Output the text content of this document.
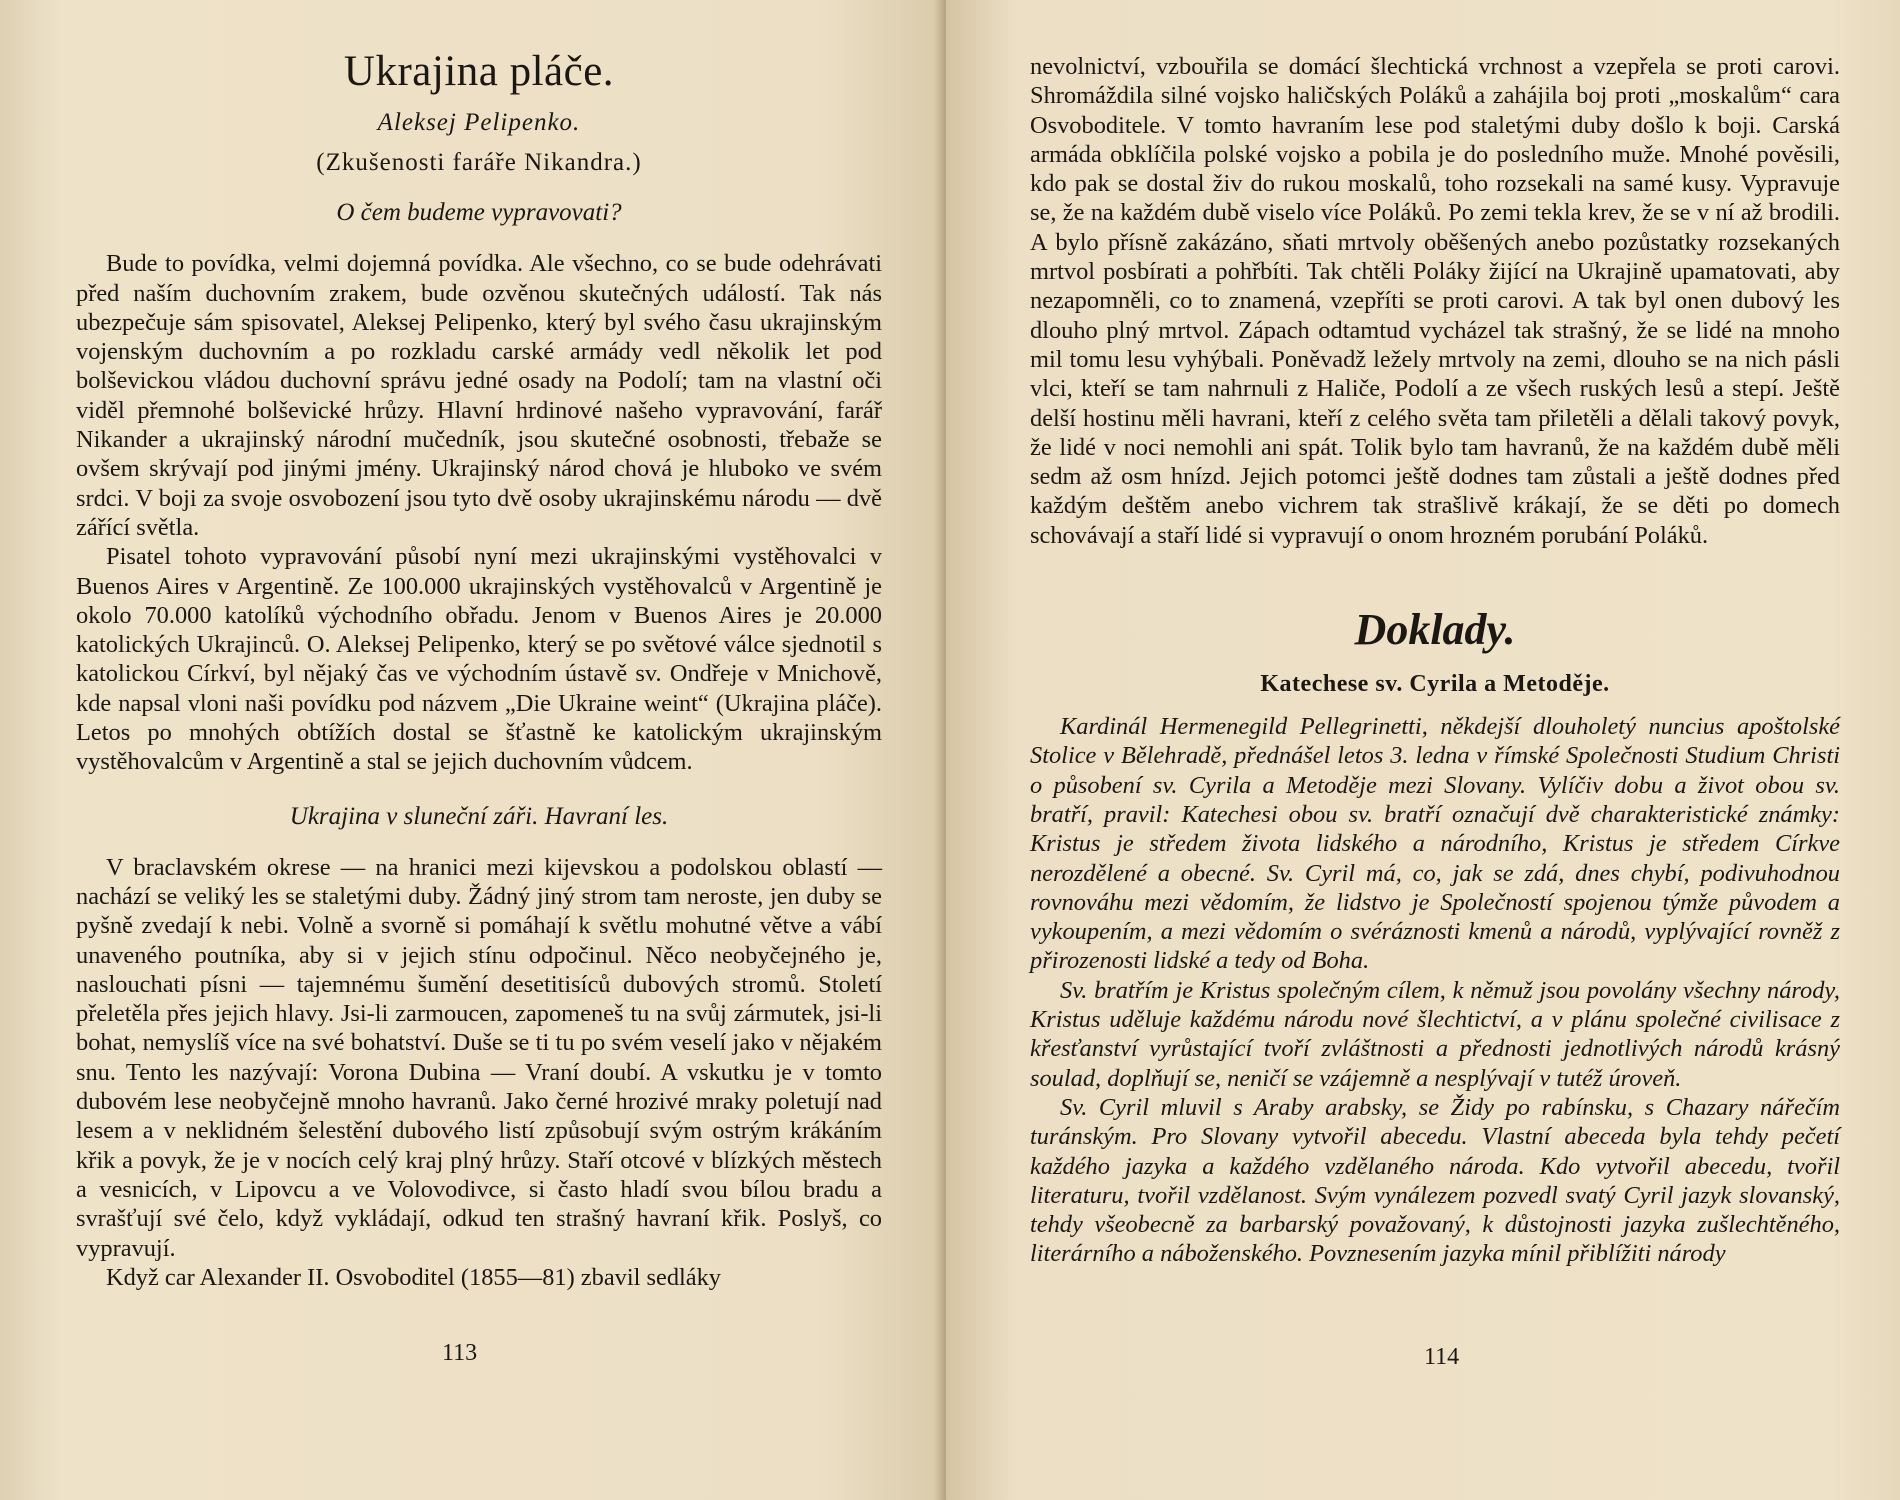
Ukrajina pláče.
Aleksej Pelipenko.
(Zkušenosti faráře Nikandra.)
O čem budeme vypravovati?

Bude to povídka, velmi dojemná povídka. Ale všechno, co se bude odehrávati před naším duchovním zrakem, bude ozvěnou skutečných událostí. Tak nás ubezpečuje sám spisovatel, Aleksej Pelipenko, který byl svého času ukrajinským vojenským duchovním a po rozkladu carské armády vedl několik let pod bolševickou vládou duchovní správu jedné osady na Podolí; tam na vlastní oči viděl přemnohé bolševické hrůzy. Hlavní hrdinové našeho vypravování, farář Nikander a ukrajinský národní mučedník, jsou skutečné osobnosti, třebaže se ovšem skrývají pod jinými jmény. Ukrajinský národ chová je hluboko ve svém srdci. V boji za svoje osvobození jsou tyto dvě osoby ukrajinskému národu — dvě zářící světla.

Pisatel tohoto vypravování působí nyní mezi ukrajinskými vystěhovalci v Buenos Aires v Argentině. Ze 100.000 ukrajinských vystěhovalců v Argentině je okolo 70.000 katolíků východního obřadu. Jenom v Buenos Aires je 20.000 katolických Ukrajinců. O. Aleksej Pelipenko, který se po světové válce sjednotil s katolickou Církví, byl nějaký čas ve východním ústavě sv. Ondřeje v Mnichově, kde napsal vloni naši povídku pod názvem „Die Ukraine weint“ (Ukrajina pláče). Letos po mnohých obtížích dostal se šťastně ke katolickým ukrajinským vystěhovalcům v Argentině a stal se jejich duchovním vůdcem.

Ukrajina v sluneční záři. Havraní les.

V braclavském okrese — na hranici mezi kijevskou a podolskou oblastí — nachází se veliký les se staletými duby. Žádný jiný strom tam neroste, jen duby se pyšně zvedají k nebi. Volně a svorně si pomáhají k světlu mohutné větve a vábí unaveného poutníka, aby si v jejich stínu odpočinul. Něco neobyčejného je, naslouchati písni — tajemnému šumění desetitisíců dubových stromů. Století přeletěla přes jejich hlavy. Jsi-li zarmoucen, zapomeneš tu na svůj zármutek, jsi-li bohat, nemyslíš více na své bohatství. Duše se ti tu po svém veselí jako v nějakém snu. Tento les nazývají: Vorona Dubina — Vraní doubí. A vskutku je v tomto dubovém lese neobyčejně mnoho havranů. Jako černé hrozivé mraky poletují nad lesem a v neklidném šelestění dubového listí způsobují svým ostrým krákáním křik a povyk, že je v nocích celý kraj plný hrůzy. Staří otcové v blízkých městech a vesnicích, v Lipovcu a ve Volovodivce, si často hladí svou bílou bradu a svrašťují své čelo, když vykládají, odkud ten strašný havraní křik. Poslyš, co vypravují.

Když car Alexander II. Osvoboditel (1855—81) zbavil sedláky

113

nevolnictví, vzbouřila se domácí šlechtická vrchnost a vzepřela se proti carovi. Shromáždila silné vojsko haličských Poláků a zahájila boj proti „moskalům“ cara Osvoboditele. V tomto havraním lese pod staletými duby došlo k boji. Carská armáda obklíčila polské vojsko a pobila je do posledního muže. Mnohé pověsili, kdo pak se dostal živ do rukou moskalů, toho rozsekali na samé kusy. Vypravuje se, že na každém dubě viselo více Poláků. Po zemi tekla krev, že se v ní až brodili. A bylo přísně zakázáno, sňati mrtvoly oběšených anebo pozůstatky rozsekaných mrtvol posbírati a pohřbíti. Tak chtěli Poláky žijící na Ukrajině upamatovati, aby nezapomněli, co to znamená, vzepříti se proti carovi. A tak byl onen dubový les dlouho plný mrtvol. Zápach odtamtud vycházel tak strašný, že se lidé na mnoho mil tomu lesu vyhýbali. Poněvadž ležely mrtvoly na zemi, dlouho se na nich pásli vlci, kteří se tam nahrnuli z Haliče, Podolí a ze všech ruských lesů a stepí. Ještě delší hostinu měli havrani, kteří z celého světa tam přiletěli a dělali takový povyk, že lidé v noci nemohli ani spát. Tolik bylo tam havranů, že na každém dubě měli sedm až osm hnízd. Jejich potomci ještě dodnes tam zůstali a ještě dodnes před každým deštěm anebo vichrem tak strašlivě krákají, že se děti po domech schovávají a staří lidé si vypravují o onom hrozném porubání Poláků.

Doklady.
Katechese sv. Cyrila a Metoděje.

Kardinál Hermenegild Pellegrinetti, někdejší dlouholetý nuncius apoštolské Stolice v Bělehradě, přednášel letos 3. ledna v římské Společnosti Studium Christi o působení sv. Cyrila a Metoděje mezi Slovany. Vylíčiv dobu a život obou sv. bratří, pravil: Katechesi obou sv. bratří označují dvě charakteristické známky: Kristus je středem života lidského a národního, Kristus je středem Církve nerozdělené a obecné. Sv. Cyril má, co, jak se zdá, dnes chybí, podivuhodnou rovnováhu mezi vědomím, že lidstvo je Společností spojenou týmže původem a vykoupením, a mezi vědomím o svéráznosti kmenů a národů, vyplývající rovněž z přirozenosti lidské a tedy od Boha.

Sv. bratřím je Kristus společným cílem, k němuž jsou povolány všechny národy, Kristus uděluje každému národu nové šlechtictví, a v plánu společné civilisace z křesťanství vyrůstající tvoří zvláštnosti a přednosti jednotlivých národů krásný soulad, doplňují se, neničí se vzájemně a nesplývají v tutéž úroveň.

Sv. Cyril mluvil s Araby arabsky, se Židy po rabínsku, s Chazary nářečím turánským. Pro Slovany vytvořil abecedu. Vlastní abeceda byla tehdy pečetí každého jazyka a každého vzdělaného národa. Kdo vytvořil abecedu, tvořil literaturu, tvořil vzdělanost. Svým vynálezem pozvedl svatý Cyril jazyk slovanský, tehdy všeobecně za barbarský považovaný, k důstojnosti jazyka zušlechtěného, literárního a náboženského. Povznesením jazyka mínil přiblížiti národy

114
